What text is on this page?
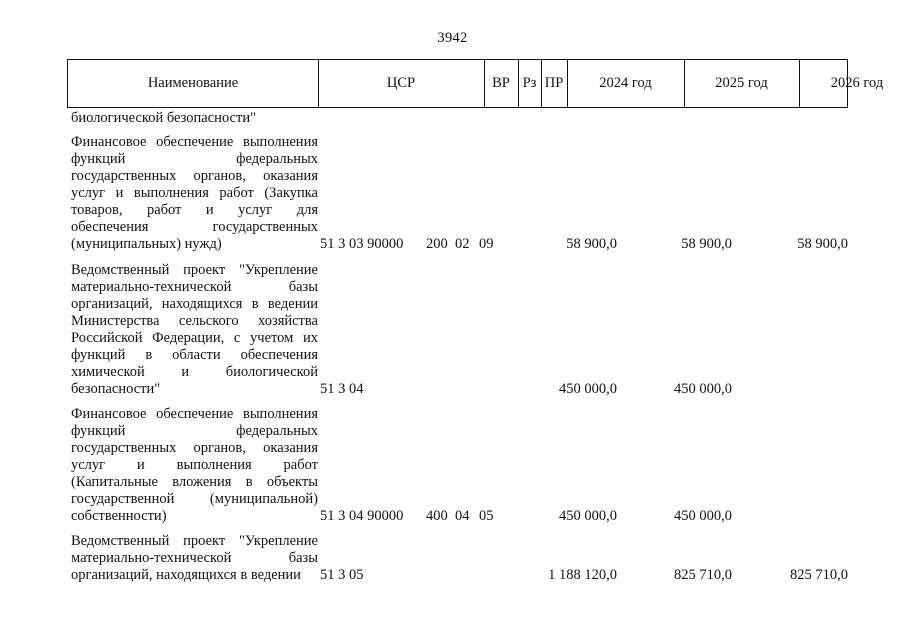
3942
Наименование	ЦСР	ВР Рз ПР	2024 год	2025 год	2026 год
биологической безопасности"
Финансовое обеспечение выполнения
функций федеральных
государственных органов, оказания
услуг и выполнения работ (Закупка
товаров, работ и услуг для
обеспечения государственных
(муниципальных) нужд)	51 3 03 90000 200 02 09	58 900,0	58 900,0	58 900,0
Ведомственный проект "Укрепление
материально-технической базы
организаций, находящихся в ведении
Министерства сельского хозяйства
Российской Федерации, с учетом их
функций в области обеспечения
химической и биологической
безопасности"	51 3 04	450 000,0	450 000,0
Финансовое обеспечение выполнения
функций федеральных
государственных органов, оказания
услуг и выполнения работ
(Капитальные вложения в объекты
государственной (муниципальной)
собственности)	51 3 04 90000 400 04 05	450 000,0	450 000,0
Ведомственный проект "Укрепление
материально-технической базы
организаций, находящихся в ведении	51 3 05	1 188 120,0	825 710,0	825 710,0
